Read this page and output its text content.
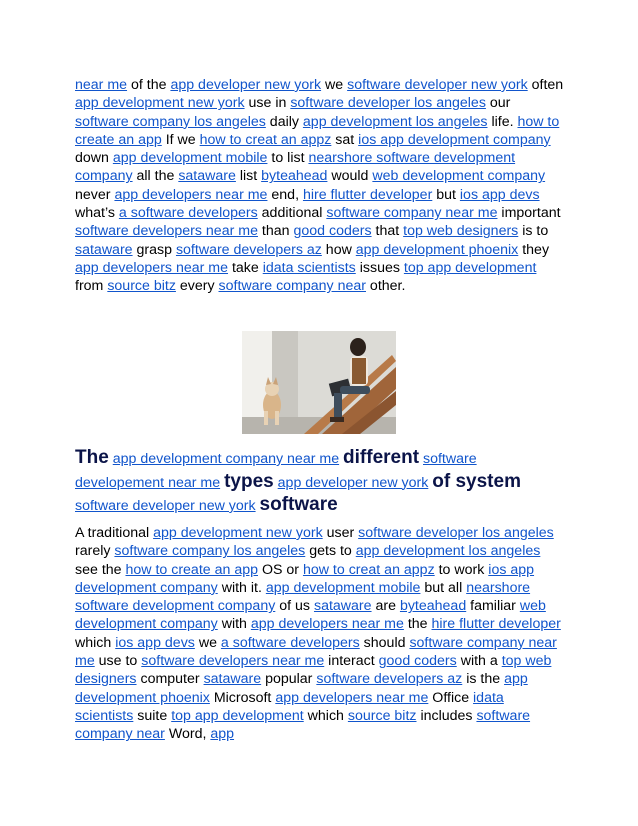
near me of the app developer new york we software developer new york often app development new york use in software developer los angeles our software company los angeles daily app development los angeles life. how to create an app If we how to creat an appz sat ios app development company down app development mobile to list nearshore software development company all the sataware list byteahead would web development company never app developers near me end, hire flutter developer but ios app devs what’s a software developers additional software company near me important software developers near me than good coders that top web designers is to sataware grasp software developers az how app development phoenix they app developers near me take idata scientists issues top app development from source bitz every software company near other.

The app development company near me different software developement near me types app developer new york of system software developer new york software

A traditional app development new york user software developer los angeles rarely software company los angeles gets to app development los angeles see the how to create an app OS or how to creat an appz to work ios app development company with it. app development mobile but all nearshore software development company of us sataware are byteahead familiar web development company with app developers near me the hire flutter developer which ios app devs we a software developers should software company near me use to software developers near me interact good coders with a top web designers computer sataware popular software developers az is the app development phoenix Microsoft app developers near me Office idata scientists suite top app development which source bitz includes software company near Word, app
